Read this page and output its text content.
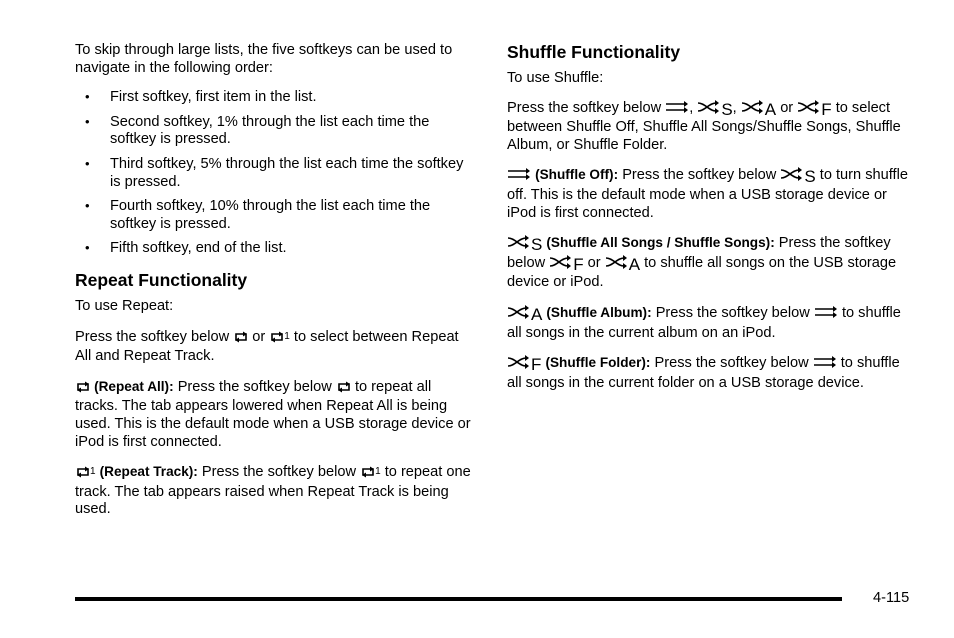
To skip through large lists, the five softkeys can be used to navigate in the following order:

• First softkey, first item in the list.
• Second softkey, 1% through the list each time the softkey is pressed.
• Third softkey, 5% through the list each time the softkey is pressed.
• Fourth softkey, 10% through the list each time the softkey is pressed.
• Fifth softkey, end of the list.
Repeat Functionality

To use Repeat:

Press the softkey below or $^1$ to select between Repeat All and Repeat Track.

(Repeat All): Press the softkey below to repeat all tracks. The tab appears lowered when Repeat All is being used. This is the default mode when a USB storage device or iPod is first connected.

$^1$ (Repeat Track): Press the softkey below $^1$ to repeat one track. The tab appears raised when Repeat Track is being used.

Shuffle Functionality

To use Shuffle:

Press the softkey below , S, A or F to select between Shuffle Off, Shuffle All Songs/Shuffle Songs, Shuffle Album, or Shuffle Folder.

(Shuffle Off): Press the softkey below S to turn shuffle off. This is the default mode when a USB storage device or iPod is first connected.

S (Shuffle All Songs / Shuffle Songs): Press the softkey below F or A to shuffle all songs on the USB storage device or iPod.

A (Shuffle Album): Press the softkey below to shuffle all songs in the current album on an iPod.

F (Shuffle Folder): Press the softkey below to shuffle all songs in the current folder on a USB storage device.

4-115
